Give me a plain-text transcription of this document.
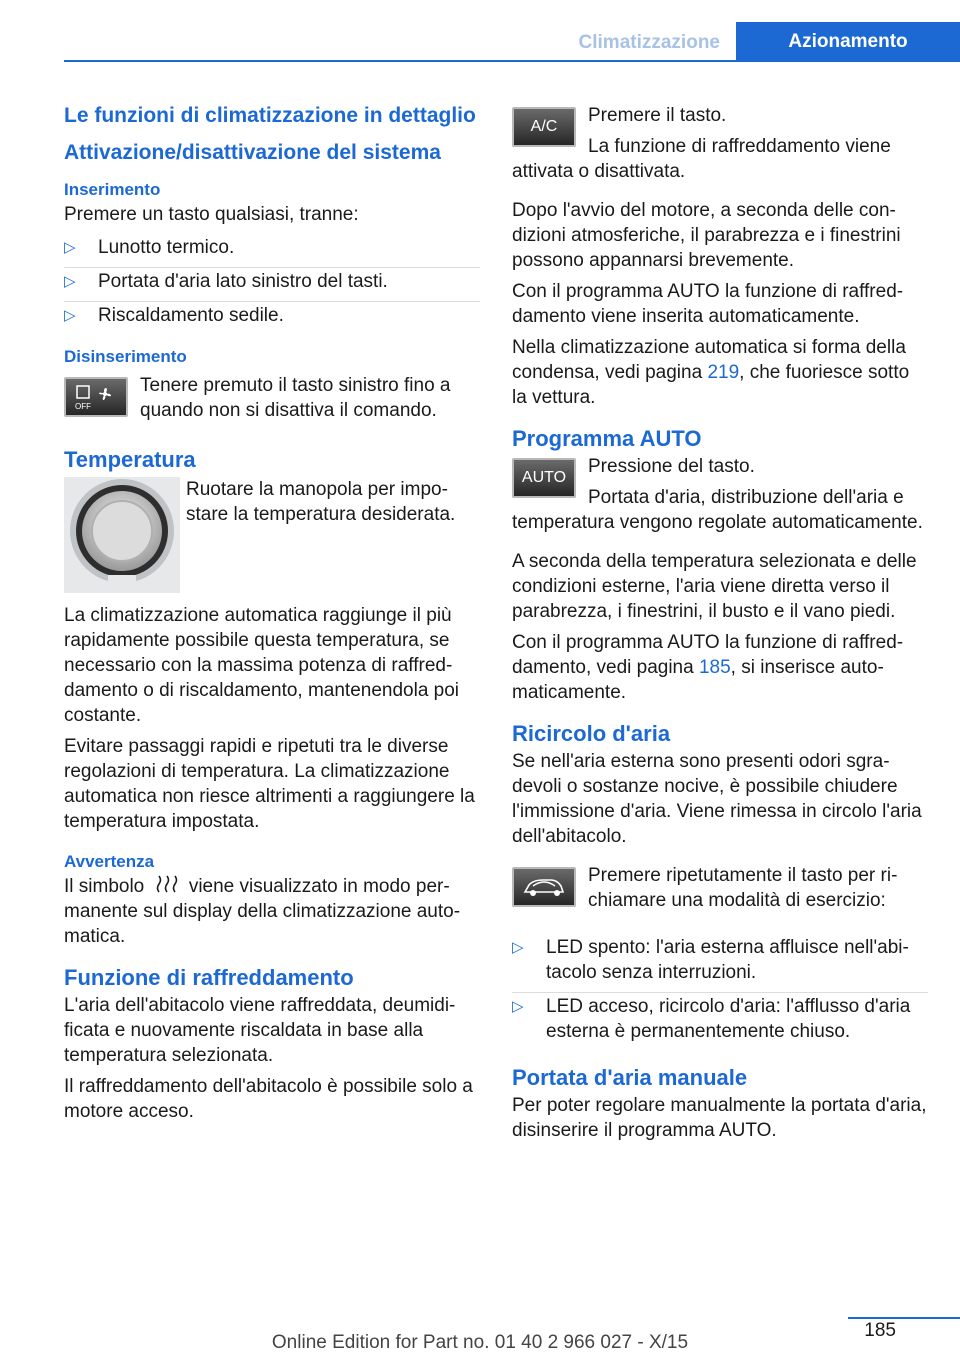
Climatizzazione	Azionamento
Le funzioni di climatizzazione in dettaglio
Attivazione/disattivazione del sistema
Inserimento

Premere un tasto qualsiasi, tranne:

▷ Lunotto termico.
▷ Portata d'aria lato sinistro del tasti.
▷ Riscaldamento sedile.
Disinserimento
OFF

Tenere premuto il tasto sinistro fino a quando non si disattiva il comando.

Temperatura

Ruotare la manopola per impostare la temperatura desiderata.

La climatizzazione automatica raggiunge il più rapidamente possibile questa temperatura, se necessario con la massima potenza di raffreddamento o di riscaldamento, mantenendola poi costante.

Evitare passaggi rapidi e ripetuti tra le diverse regolazioni di temperatura. La climatizzazione automatica non riesce altrimenti a raggiungere la temperatura impostata.

Avvertenza

Il simbolo viene visualizzato in modo permanente sul display della climatizzazione automatica.

Funzione di raffreddamento

L'aria dell'abitacolo viene raffreddata, deumidificata e nuovamente riscaldata in base alla temperatura selezionata.

Il raffreddamento dell'abitacolo è possibile solo a motore acceso.

A/C

Premere il tasto.

La funzione di raffreddamento viene attivata o disattivata.

Dopo l'avvio del motore, a seconda delle condizioni atmosferiche, il parabrezza e i finestrini possono appannarsi brevemente.

Con il programma AUTO la funzione di raffreddamento viene inserita automaticamente.

Nella climatizzazione automatica si forma della condensa, vedi pagina 219, che fuoriesce sotto la vettura.

Programma AUTO
AUTO

Pressione del tasto.

Portata d'aria, distribuzione dell'aria e temperatura vengono regolate automaticamente.

A seconda della temperatura selezionata e delle condizioni esterne, l'aria viene diretta verso il parabrezza, i finestrini, il busto e il vano piedi.

Con il programma AUTO la funzione di raffreddamento, vedi pagina 185, si inserisce automaticamente.

Ricircolo d'aria

Se nell'aria esterna sono presenti odori sgradevoli o sostanze nocive, è possibile chiudere l'immissione d'aria. Viene rimessa in circolo l'aria dell'abitacolo.

Premere ripetutamente il tasto per richiamare una modalità di esercizio:

▷ LED spento: l'aria esterna affluisce nell'abitacolo senza interruzioni.
▷ LED acceso, ricircolo d'aria: l'afflusso d'aria esterna è permanentemente chiuso.
Portata d'aria manuale

Per poter regolare manualmente la portata d'aria, disinserire il programma AUTO.

185
Online Edition for Part no. 01 40 2 966 027 - X/15
